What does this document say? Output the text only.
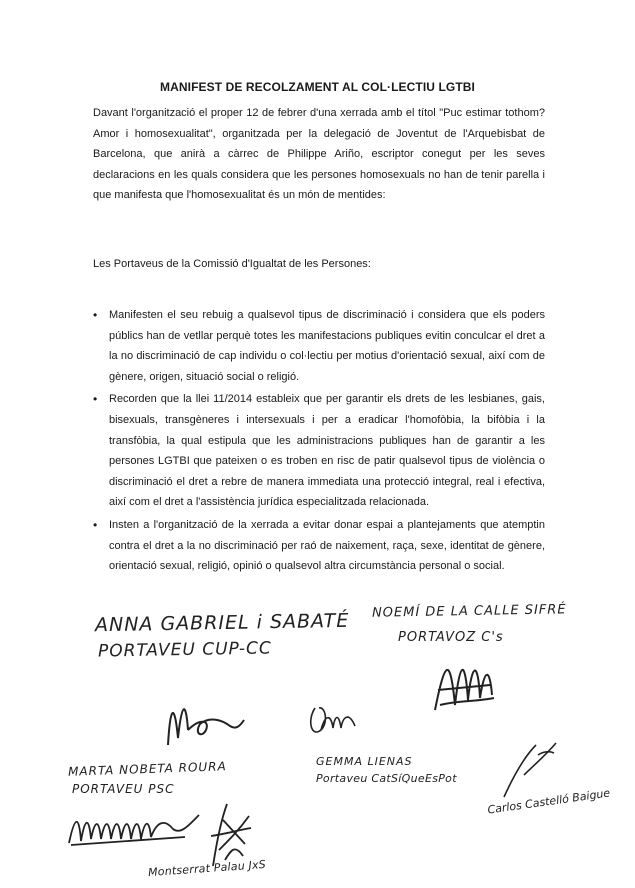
MANIFEST DE RECOLZAMENT AL COL·LECTIU LGTBI
Davant l'organització el proper 12 de febrer d'una xerrada amb el títol "Puc estimar tothom? Amor i homosexualitat", organitzada per la delegació de Joventut de l'Arquebisbat de Barcelona, que anirà a càrrec de Philippe Ariño, escriptor conegut per les seves declaracions en les quals considera que les persones homosexuals no han de tenir parella i que manifesta que l'homosexualitat és un món de mentides:
Les Portaveus de la Comissió d'Igualtat de les Persones:
• Manifesten el seu rebuig a qualsevol tipus de discriminació i considera que els poders públics han de vetllar perquè totes les manifestacions publiques evitin conculcar el dret a la no discriminació de cap individu o col·lectiu per motius d'orientació sexual, així com de gènere, origen, situació social o religió.
• Recorden que la llei 11/2014 estableix que per garantir els drets de les lesbianes, gais, bisexuals, transgèneres i intersexuals i per a eradicar l'homofòbia, la bifòbia i la transfòbia, la qual estipula que les administracions publiques han de garantir a les persones LGTBI que pateixen o es troben en risc de patir qualsevol tipus de violència o discriminació el dret a rebre de manera immediata una protecció integral, real i efectiva, així com el dret a l'assistència jurídica especialitzada relacionada.
• Insten a l'organització de la xerrada a evitar donar espai a plantejaments que atemptin contra el dret a la no discriminació per raó de naixement, raça, sexe, identitat de gènere, orientació sexual, religió, opinió o qualsevol altra circumstància personal o social.
ANNA GABRIEL i SABATÉ
PORTAVEU CUP-CC
NOEMÍ DE LA CALLE SIFRÉ
PORTAVOZ C's
GEMMA LIENAS
Portaveu CatSíQueEsPot
MARTA NOBETA ROURA
PORTAVEU PSC	Carlos Castelló Baigue
Montserrat Palau JxS
